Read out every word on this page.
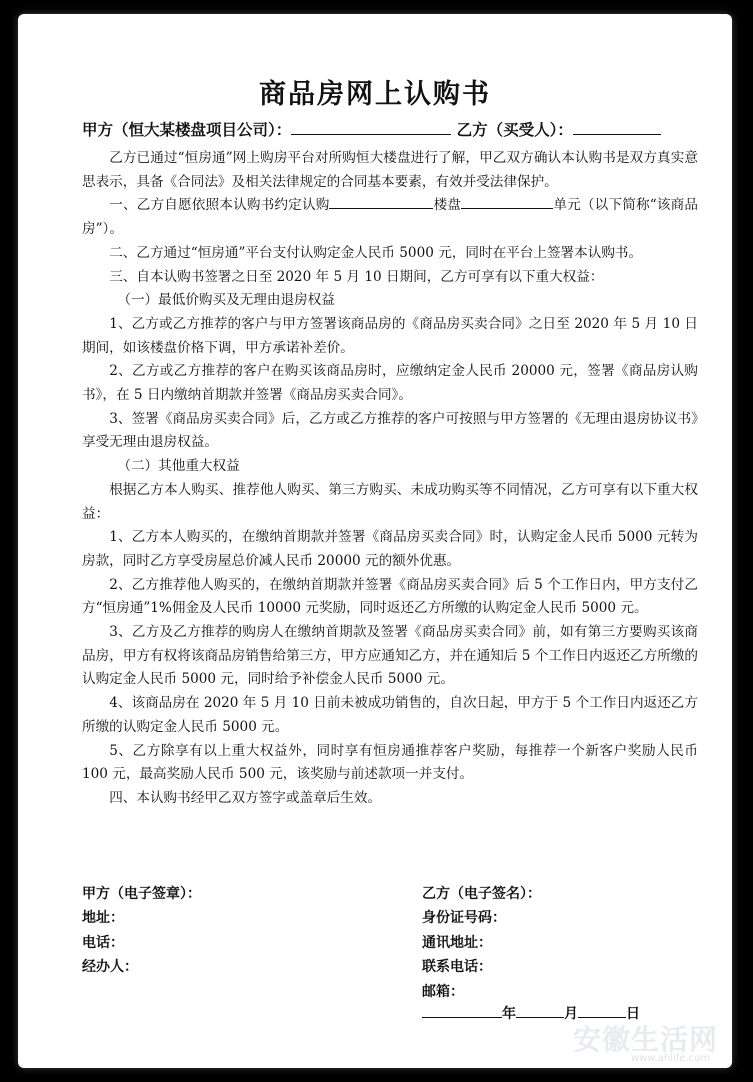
商品房网上认购书
甲方（恒大某楼盘项目公司）：	乙方（买受人）：

乙方已通过“恒房通”网上购房平台对所购恒大楼盘进行了解，甲乙双方确认本认购书是双方真实意思表示，具备《合同法》及相关法律规定的合同基本要素，有效并受法律保护。

一、乙方自愿依照本认购书约定认购	楼盘	单元（以下简称“该商品房”）。

二、乙方通过“恒房通”平台支付认购定金人民币 5000 元，同时在平台上签署本认购书。

三、自本认购书签署之日至 2020 年 5 月 10 日期间，乙方可享有以下重大权益：

（一）最低价购买及无理由退房权益

1、乙方或乙方推荐的客户与甲方签署该商品房的《商品房买卖合同》之日至 2020 年 5 月 10 日期间，如该楼盘价格下调，甲方承诺补差价。

2、乙方或乙方推荐的客户在购买该商品房时，应缴纳定金人民币 20000 元，签署《商品房认购书》，在 5 日内缴纳首期款并签署《商品房买卖合同》。

3、签署《商品房买卖合同》后，乙方或乙方推荐的客户可按照与甲方签署的《无理由退房协议书》享受无理由退房权益。

（二）其他重大权益

根据乙方本人购买、推荐他人购买、第三方购买、未成功购买等不同情况，乙方可享有以下重大权益：

1、乙方本人购买的，在缴纳首期款并签署《商品房买卖合同》时，认购定金人民币 5000 元转为房款，同时乙方享受房屋总价减人民币 20000 元的额外优惠。

2、乙方推荐他人购买的，在缴纳首期款并签署《商品房买卖合同》后 5 个工作日内，甲方支付乙方“恒房通”1%佣金及人民币 10000 元奖励，同时返还乙方所缴的认购定金人民币 5000 元。

3、乙方及乙方推荐的购房人在缴纳首期款及签署《商品房买卖合同》前，如有第三方要购买该商品房，甲方有权将该商品房销售给第三方，甲方应通知乙方，并在通知后 5 个工作日内返还乙方所缴的认购定金人民币 5000 元，同时给予补偿金人民币 5000 元。

4、该商品房在 2020 年 5 月 10 日前未被成功销售的，自次日起，甲方于 5 个工作日内返还乙方所缴的认购定金人民币 5000 元。

5、乙方除享有以上重大权益外，同时享有恒房通推荐客户奖励，每推荐一个新客户奖励人民币 100 元，最高奖励人民币 500 元，该奖励与前述款项一并支付。

四、本认购书经甲乙双方签字或盖章后生效。

甲方（电子签章）：
地址：
电话：
经办人：
乙方（电子签名）：
身份证号码：
通讯地址：
联系电话：
邮箱：
年	月	日
安徽生活网
www.ahlife.com
